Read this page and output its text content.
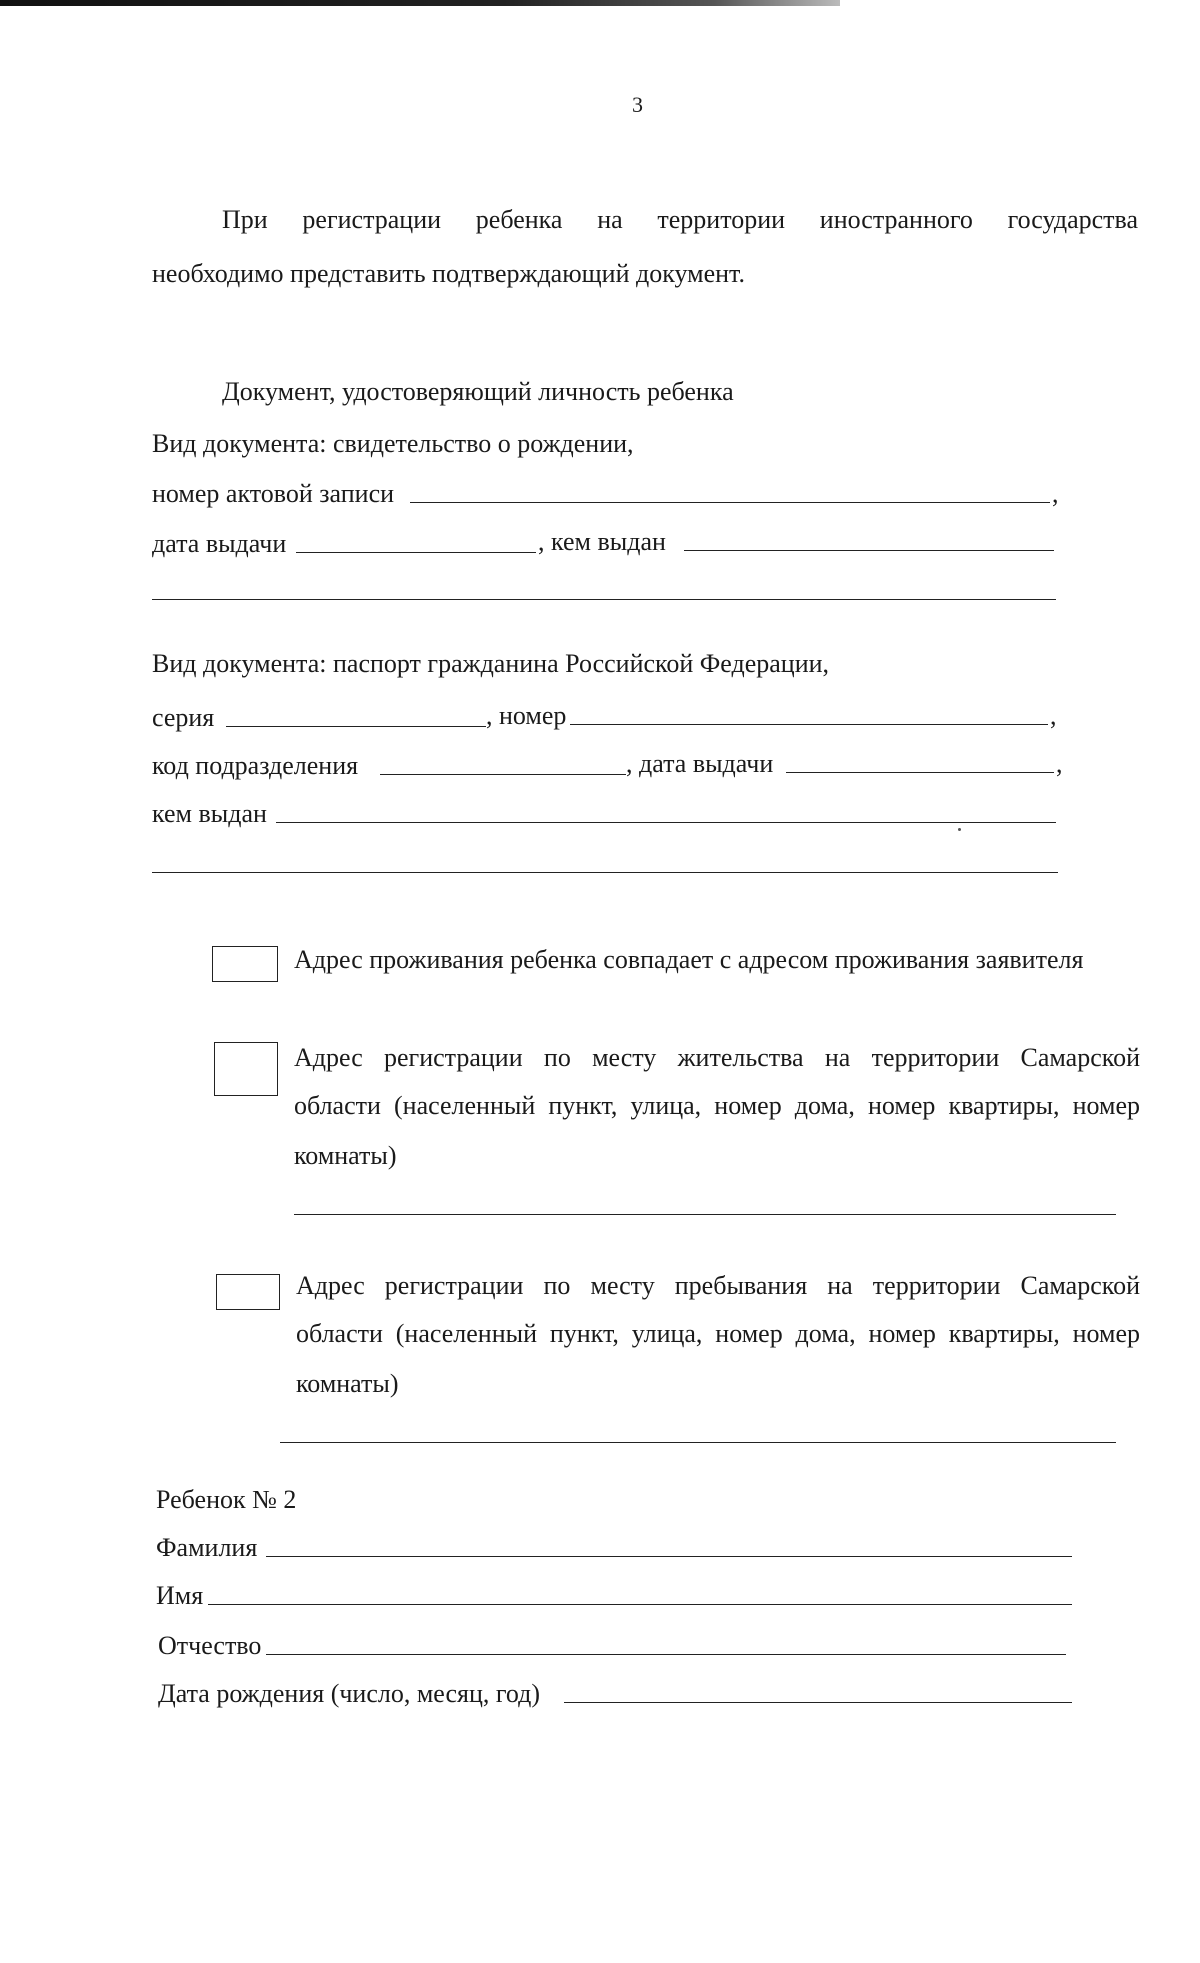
3
При регистрации ребенка на территории иностранного государства
необходимо представить подтверждающий документ.
Документ, удостоверяющий личность ребенка
Вид документа: свидетельство о рождении,
номер актовой записи	,
дата выдачи	, кем выдан
Вид документа: паспорт гражданина Российской Федерации,
серия	, номер	,
код подразделения	, дата выдачи	,
кем выдан
Адрес проживания ребенка совпадает с адресом проживания заявителя
Адрес регистрации по месту жительства на территории Самарской
области (населенный пункт, улица, номер дома, номер квартиры, номер
комнаты)
Адрес регистрации по месту пребывания на территории Самарской
области (населенный пункт, улица, номер дома, номер квартиры, номер
комнаты)
Ребенок № 2
Фамилия
Имя
Отчество
Дата рождения (число, месяц, год)
